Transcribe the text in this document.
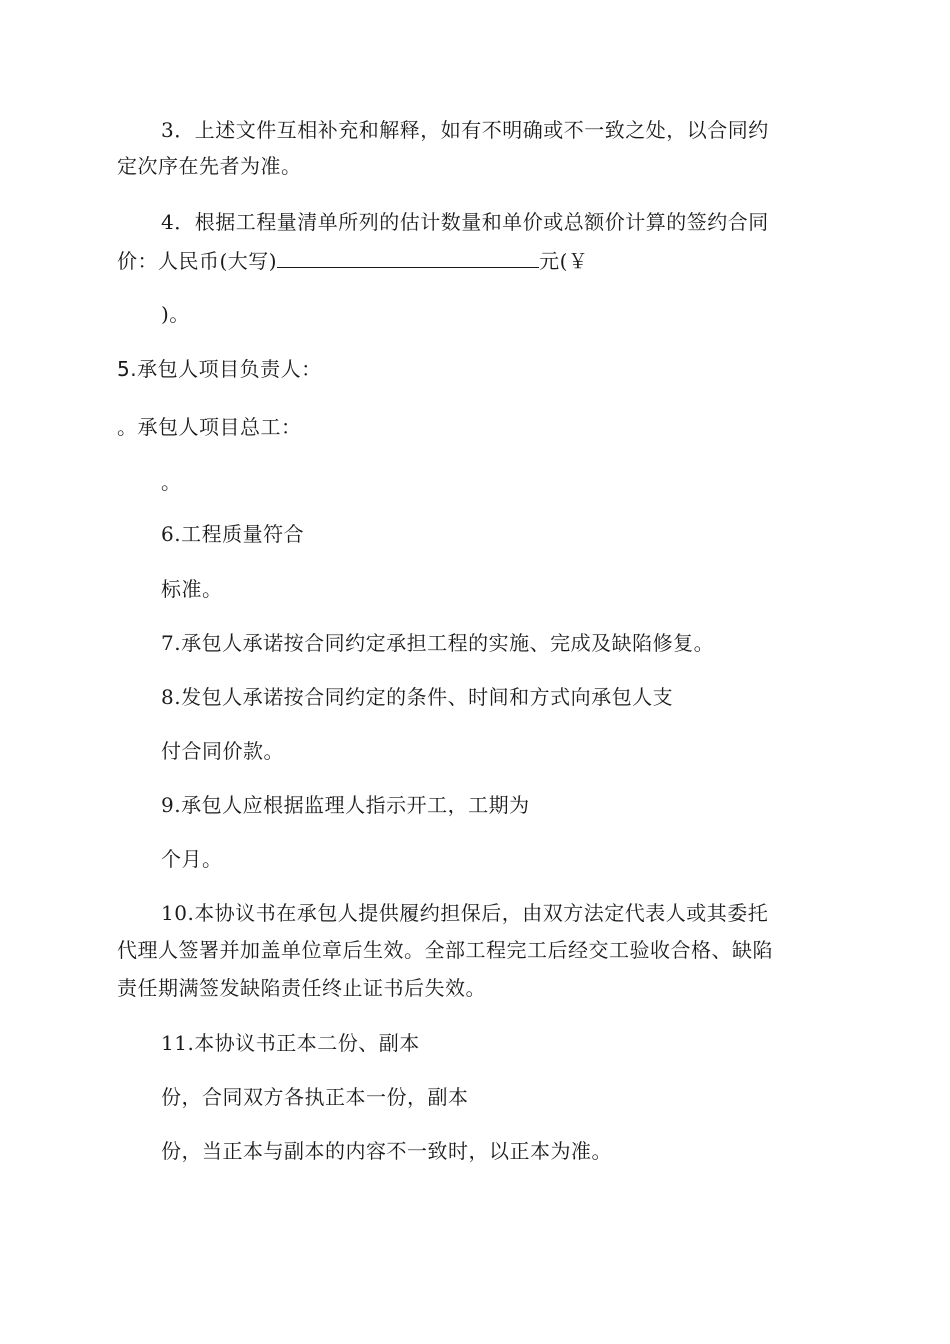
3．上述文件互相补充和解释，如有不明确或不一致之处，以合同约
定次序在先者为准。
4．根据工程量清单所列的估计数量和单价或总额价计算的签约合同
价：人民币(大写)	元(￥
)。
5.承包人项目负责人：
。承包人项目总工：
。
6.工程质量符合
标准。
7.承包人承诺按合同约定承担工程的实施、完成及缺陷修复。
8.发包人承诺按合同约定的条件、时间和方式向承包人支
付合同价款。
9.承包人应根据监理人指示开工，工期为
个月。
10.本协议书在承包人提供履约担保后，由双方法定代表人或其委托
代理人签署并加盖单位章后生效。全部工程完工后经交工验收合格、缺陷
责任期满签发缺陷责任终止证书后失效。
11.本协议书正本二份、副本
份，合同双方各执正本一份，副本
份，当正本与副本的内容不一致时，以正本为准。
